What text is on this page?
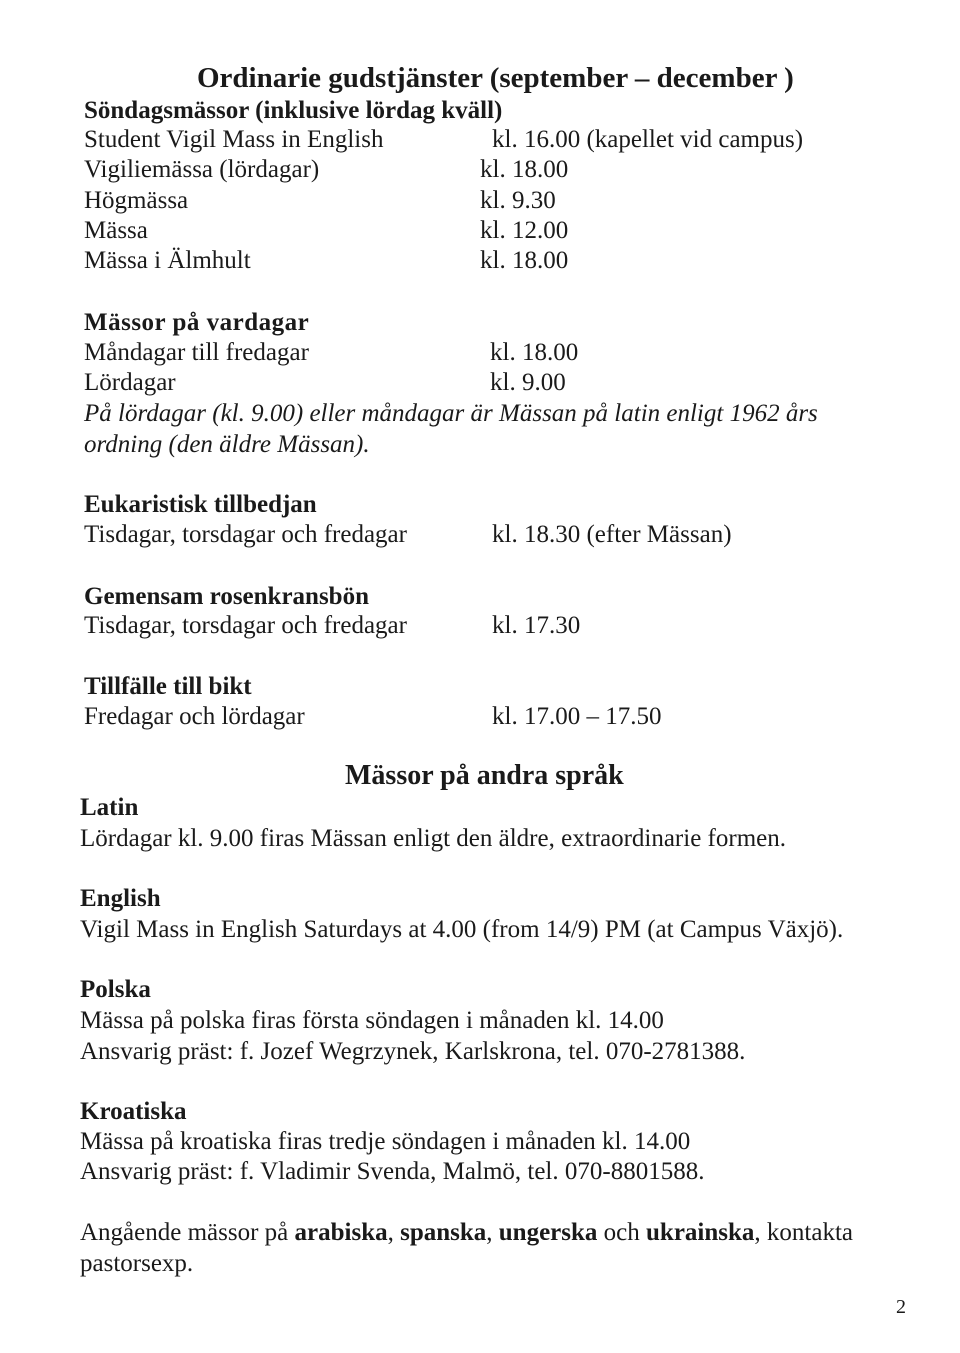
Ordinarie gudstjänster (september – december )
Söndagsmässor (inklusive lördag kväll)
Student Vigil Mass in English	kl. 16.00 (kapellet vid campus)
Vigiliemässa (lördagar)	kl. 18.00
Högmässa	kl. 9.30
Mässa	kl. 12.00
Mässa i Älmhult	kl. 18.00
Mässor på vardagar
Måndagar till fredagar	kl. 18.00
Lördagar	kl. 9.00
På lördagar (kl. 9.00) eller måndagar är Mässan på latin enligt 1962 års
ordning (den äldre Mässan).
Eukaristisk tillbedjan
Tisdagar, torsdagar och fredagar	kl. 18.30 (efter Mässan)
Gemensam rosenkransbön
Tisdagar, torsdagar och fredagar	kl. 17.30
Tillfälle till bikt
Fredagar och lördagar	kl. 17.00 – 17.50
Mässor på andra språk
Latin
Lördagar kl. 9.00 firas Mässan enligt den äldre, extraordinarie formen.
English
Vigil Mass in English Saturdays at 4.00 (from 14/9) PM (at Campus Växjö).
Polska
Mässa på polska firas första söndagen i månaden kl. 14.00
Ansvarig präst: f. Jozef Wegrzynek, Karlskrona, tel. 070-2781388.
Kroatiska
Mässa på kroatiska firas tredje söndagen i månaden kl. 14.00
Ansvarig präst: f. Vladimir Svenda, Malmö, tel. 070-8801588.
Angående mässor på arabiska, spanska, ungerska och ukrainska, kontakta
pastorsexp.
2
